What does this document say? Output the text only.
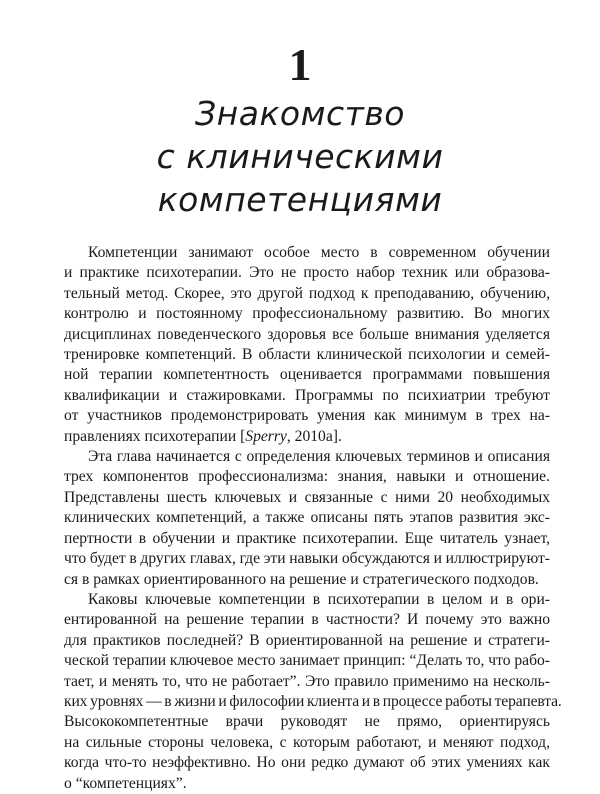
1
Знакомство
с клиническими
компетенциями
Компетенции занимают особое место в современном обучении
и практике психотерапии. Это не просто набор техник или образова-
тельный метод. Скорее, это другой подход к преподаванию, обучению,
контролю и постоянному профессиональному развитию. Во многих
дисциплинах поведенческого здоровья все больше внимания уделяется
тренировке компетенций. В области клинической психологии и семей-
ной терапии компетентность оценивается программами повышения
квалификации и стажировками. Программы по психиатрии требуют
от участников продемонстрировать умения как минимум в трех на-
правлениях психотерапии [Sperry, 2010a].
Эта глава начинается с определения ключевых терминов и описания
трех компонентов профессионализма: знания, навыки и отношение.
Представлены шесть ключевых и связанные с ними 20 необходимых
клинических компетенций, а также описаны пять этапов развития экс-
пертности в обучении и практике психотерапии. Еще читатель узнает,
что будет в других главах, где эти навыки обсуждаются и иллюстрируют-
ся в рамках ориентированного на решение и стратегического подходов.
Каковы ключевые компетенции в психотерапии в целом и в ори-
ентированной на решение терапии в частности? И почему это важно
для практиков последней? В ориентированной на решение и стратеги-
ческой терапии ключевое место занимает принцип: “Делать то, что рабо-
тает, и менять то, что не работает”. Это правило применимо на несколь-
ких уровнях — в жизни и философии клиента и в процессе работы терапевта.
Высококомпетентные врачи руководят не прямо, ориентируясь
на сильные стороны человека, с которым работают, и меняют подход,
когда что-то неэффективно. Но они редко думают об этих умениях как
о “компетенциях”.
